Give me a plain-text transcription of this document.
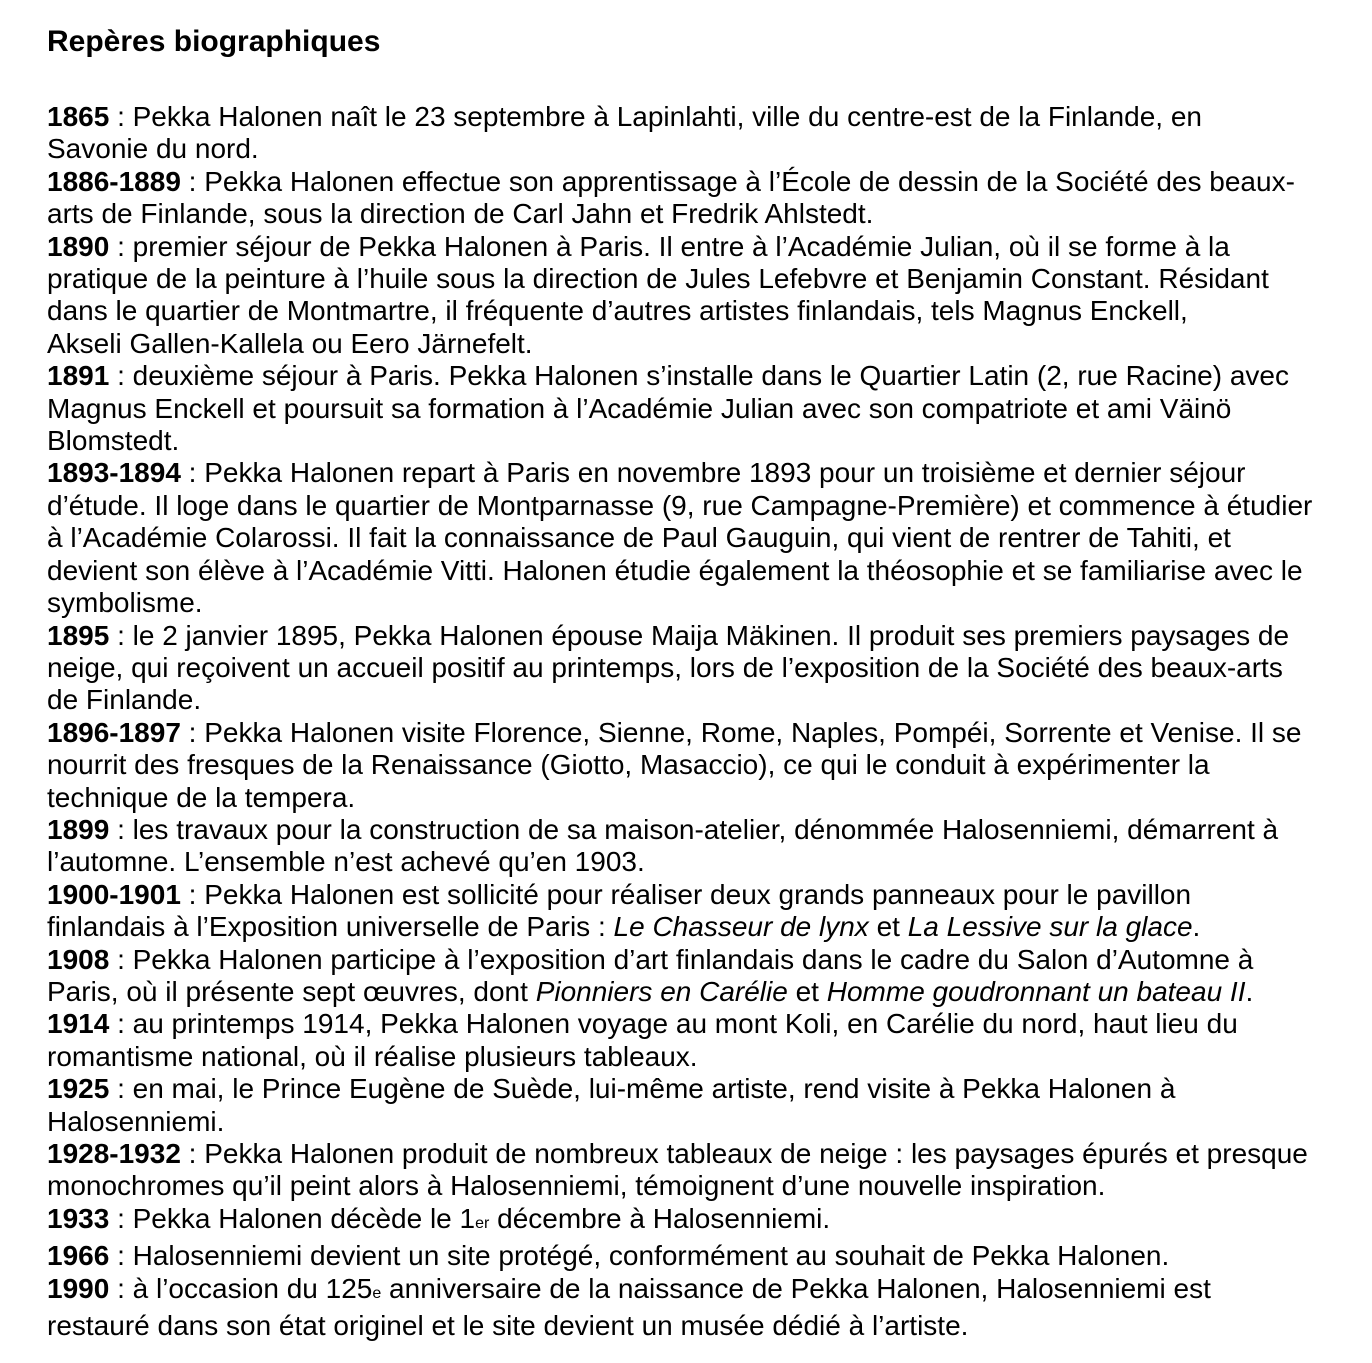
Repères biographiques
1865 : Pekka Halonen naît le 23 septembre à Lapinlahti, ville du centre-est de la Finlande, en
Savonie du nord.
1886-1889 : Pekka Halonen effectue son apprentissage à l’École de dessin de la Société des beaux-
arts de Finlande, sous la direction de Carl Jahn et Fredrik Ahlstedt.
1890 : premier séjour de Pekka Halonen à Paris. Il entre à l’Académie Julian, où il se forme à la
pratique de la peinture à l’huile sous la direction de Jules Lefebvre et Benjamin Constant. Résidant
dans le quartier de Montmartre, il fréquente d’autres artistes finlandais, tels Magnus Enckell,
Akseli Gallen-Kallela ou Eero Järnefelt.
1891 : deuxième séjour à Paris. Pekka Halonen s’installe dans le Quartier Latin (2, rue Racine) avec
Magnus Enckell et poursuit sa formation à l’Académie Julian avec son compatriote et ami Väinö
Blomstedt.
1893-1894 : Pekka Halonen repart à Paris en novembre 1893 pour un troisième et dernier séjour
d’étude. Il loge dans le quartier de Montparnasse (9, rue Campagne-Première) et commence à étudier
à l’Académie Colarossi. Il fait la connaissance de Paul Gauguin, qui vient de rentrer de Tahiti, et
devient son élève à l’Académie Vitti. Halonen étudie également la théosophie et se familiarise avec le
symbolisme.
1895 : le 2 janvier 1895, Pekka Halonen épouse Maija Mäkinen. Il produit ses premiers paysages de
neige, qui reçoivent un accueil positif au printemps, lors de l’exposition de la Société des beaux-arts
de Finlande.
1896-1897 : Pekka Halonen visite Florence, Sienne, Rome, Naples, Pompéi, Sorrente et Venise. Il se
nourrit des fresques de la Renaissance (Giotto, Masaccio), ce qui le conduit à expérimenter la
technique de la tempera.
1899 : les travaux pour la construction de sa maison-atelier, dénommée Halosenniemi, démarrent à
l’automne. L’ensemble n’est achevé qu’en 1903.
1900-1901 : Pekka Halonen est sollicité pour réaliser deux grands panneaux pour le pavillon
finlandais à l’Exposition universelle de Paris : Le Chasseur de lynx et La Lessive sur la glace.
1908 : Pekka Halonen participe à l’exposition d’art finlandais dans le cadre du Salon d’Automne à
Paris, où il présente sept œuvres, dont Pionniers en Carélie et Homme goudronnant un bateau II.
1914 : au printemps 1914, Pekka Halonen voyage au mont Koli, en Carélie du nord, haut lieu du
romantisme national, où il réalise plusieurs tableaux.
1925 : en mai, le Prince Eugène de Suède, lui-même artiste, rend visite à Pekka Halonen à
Halosenniemi.
1928-1932 : Pekka Halonen produit de nombreux tableaux de neige : les paysages épurés et presque
monochromes qu’il peint alors à Halosenniemi, témoignent d’une nouvelle inspiration.
1933 : Pekka Halonen décède le 1er décembre à Halosenniemi.
1966 : Halosenniemi devient un site protégé, conformément au souhait de Pekka Halonen.
1990 : à l’occasion du 125e anniversaire de la naissance de Pekka Halonen, Halosenniemi est
restauré dans son état originel et le site devient un musée dédié à l’artiste.
